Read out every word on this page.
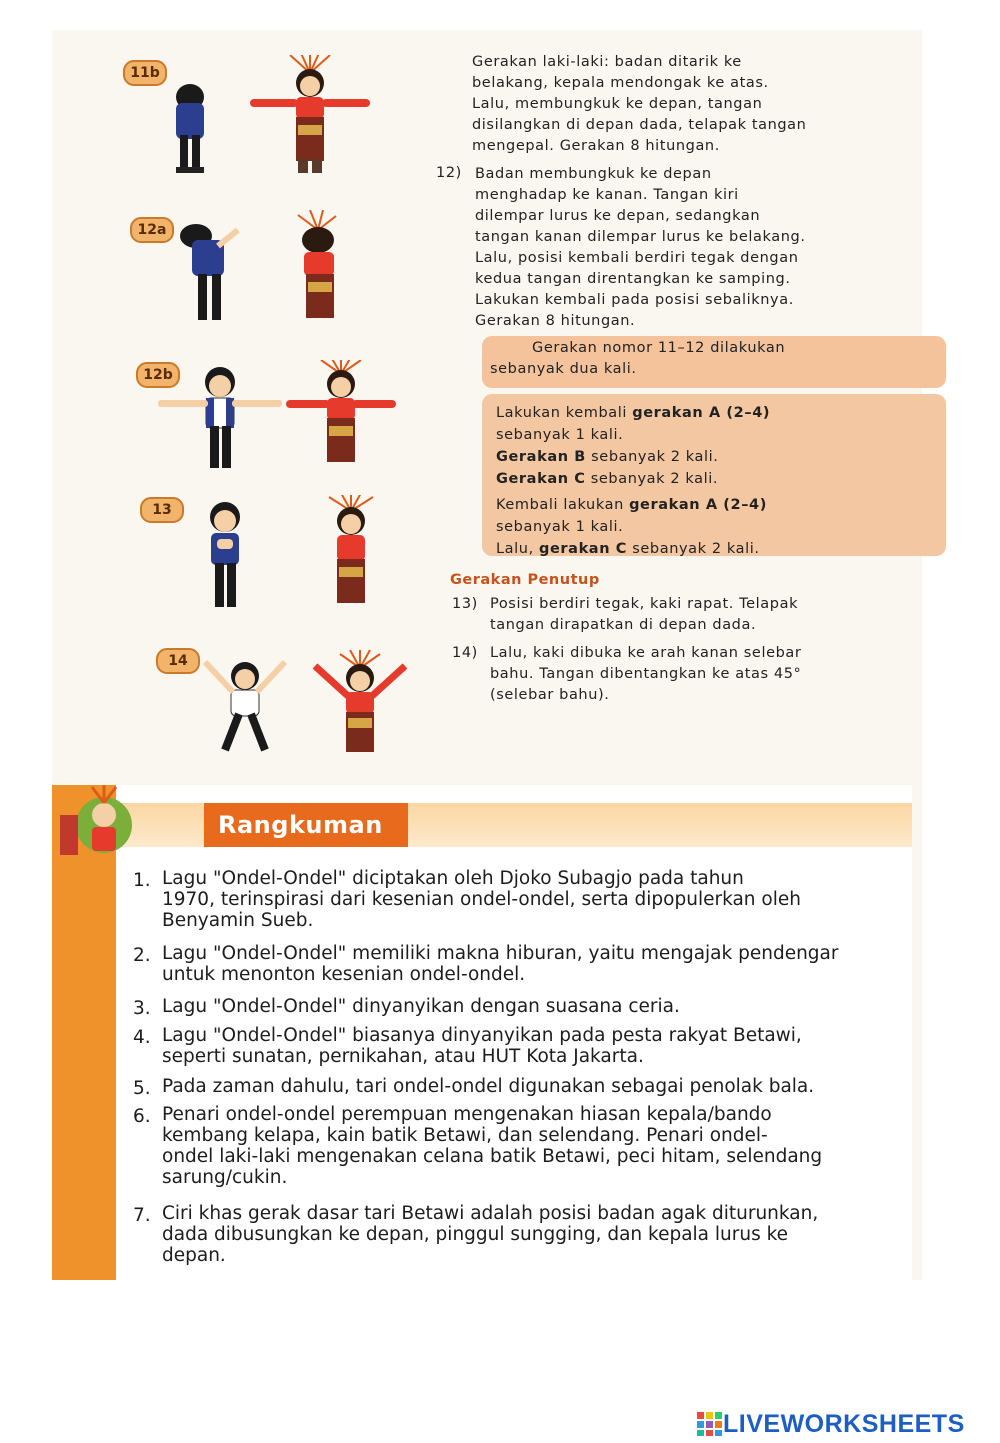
11b
12a
12b
13
14
Gerakan laki-laki: badan ditarik ke
belakang, kepala mendongak ke atas.
Lalu, membungkuk ke depan, tangan
disilangkan di depan dada, telapak tangan
mengepal. Gerakan 8 hitungan.
12) Badan membungkuk ke depan
menghadap ke kanan. Tangan kiri
dilempar lurus ke depan, sedangkan
tangan kanan dilempar lurus ke belakang.
Lalu, posisi kembali berdiri tegak dengan
kedua tangan direntangkan ke samping.
Lakukan kembali pada posisi sebaliknya.
Gerakan 8 hitungan.
Gerakan nomor 11–12 dilakukan
sebanyak dua kali.
Lakukan kembali gerakan A (2–4)
sebanyak 1 kali.
Gerakan B sebanyak 2 kali.
Gerakan C sebanyak 2 kali.
Kembali lakukan gerakan A (2–4)
sebanyak 1 kali.
Lalu, gerakan C sebanyak 2 kali.
Gerakan Penutup
13) Posisi berdiri tegak, kaki rapat. Telapak
tangan dirapatkan di depan dada.
14) Lalu, kaki dibuka ke arah kanan selebar
bahu. Tangan dibentangkan ke atas 45°
(selebar bahu).
Rangkuman
1. Lagu "Ondel-Ondel" diciptakan oleh Djoko Subagjo pada tahun
1970, terinspirasi dari kesenian ondel-ondel, serta dipopulerkan oleh
Benyamin Sueb.
2. Lagu "Ondel-Ondel" memiliki makna hiburan, yaitu mengajak pendengar
untuk menonton kesenian ondel-ondel.
3. Lagu "Ondel-Ondel" dinyanyikan dengan suasana ceria.
4. Lagu "Ondel-Ondel" biasanya dinyanyikan pada pesta rakyat Betawi,
seperti sunatan, pernikahan, atau HUT Kota Jakarta.
5. Pada zaman dahulu, tari ondel-ondel digunakan sebagai penolak bala.
6. Penari ondel-ondel perempuan mengenakan hiasan kepala/bando
kembang kelapa, kain batik Betawi, dan selendang. Penari ondel-
ondel laki-laki mengenakan celana batik Betawi, peci hitam, selendang
sarung/cukin.
7. Ciri khas gerak dasar tari Betawi adalah posisi badan agak diturunkan,
dada dibusungkan ke depan, pinggul sungging, dan kepala lurus ke
depan.
LIVEWORKSHEETS
